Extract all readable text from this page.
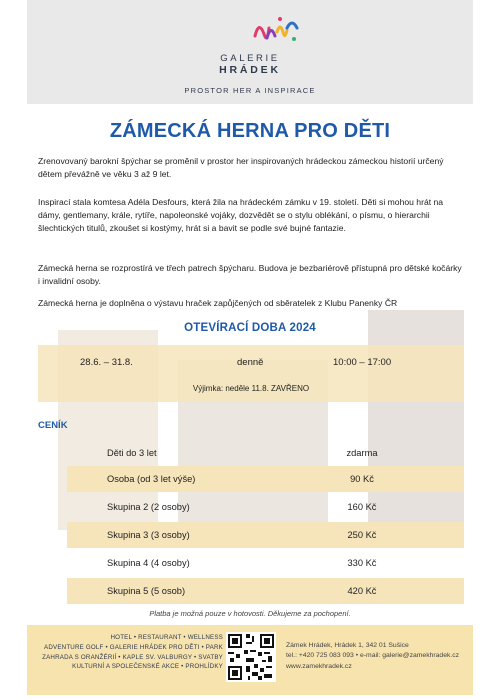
GALERIE
HRÁDEK
PROSTOR HER A INSPIRACE
ZÁMECKÁ HERNA PRO DĚTI
Zrenovovaný barokní špýchar se proměnil v prostor her inspirovaných hrádeckou zámeckou historií určený dětem převážně ve věku 3 až 9 let.
Inspirací stala komtesa Adéla Desfours, která žila na hrádeckém zámku v 19. století. Děti si mohou hrát na dámy, gentlemany, krále, rytíře, napoleonské vojáky, dozvědět se o stylu oblékání, o písmu, o hierarchii šlechtických titulů, zkoušet si kostýmy, hrát si a bavit se podle své bujné fantazie.
Zámecká herna se rozprostírá ve třech patrech špýcharu. Budova je bezbariérově přístupná pro dětské kočárky i invalidní osoby.
Zámecká herna je doplněna o výstavu hraček zapůjčených od sběratelek z Klubu Panenky ČR
OTEVÍRACÍ DOBA 2024
28.6. – 31.8.	denně	10:00 – 17:00
Výjimka: neděle 11.8. ZAVŘENO
CENÍK
Děti do 3 let	zdarma
Osoba (od 3 let výše)	90 Kč
Skupina 2 (2 osoby)	160 Kč
Skupina 3 (3 osoby)	250 Kč
Skupina 4 (4 osoby)	330 Kč
Skupina 5 (5 osob)	420 Kč
Platba je možná pouze v hotovosti. Děkujeme za pochopení.
HOTEL • RESTAURANT • WELLNESS
ADVENTURE GOLF • GALERIE HRÁDEK PRO DĚTI • PARK
ZAHRADA S ORANŽÉRIÍ • KAPLE SV. VALBURGY • SVATBY
KULTURNÍ A SPOLEČENSKÉ AKCE • PROHLÍDKY
Zámek Hrádek, Hrádek 1, 342 01 Sušice
tel.: +420 725 083 093 • e-mail: galerie@zamekhradek.cz
www.zamekhradek.cz
